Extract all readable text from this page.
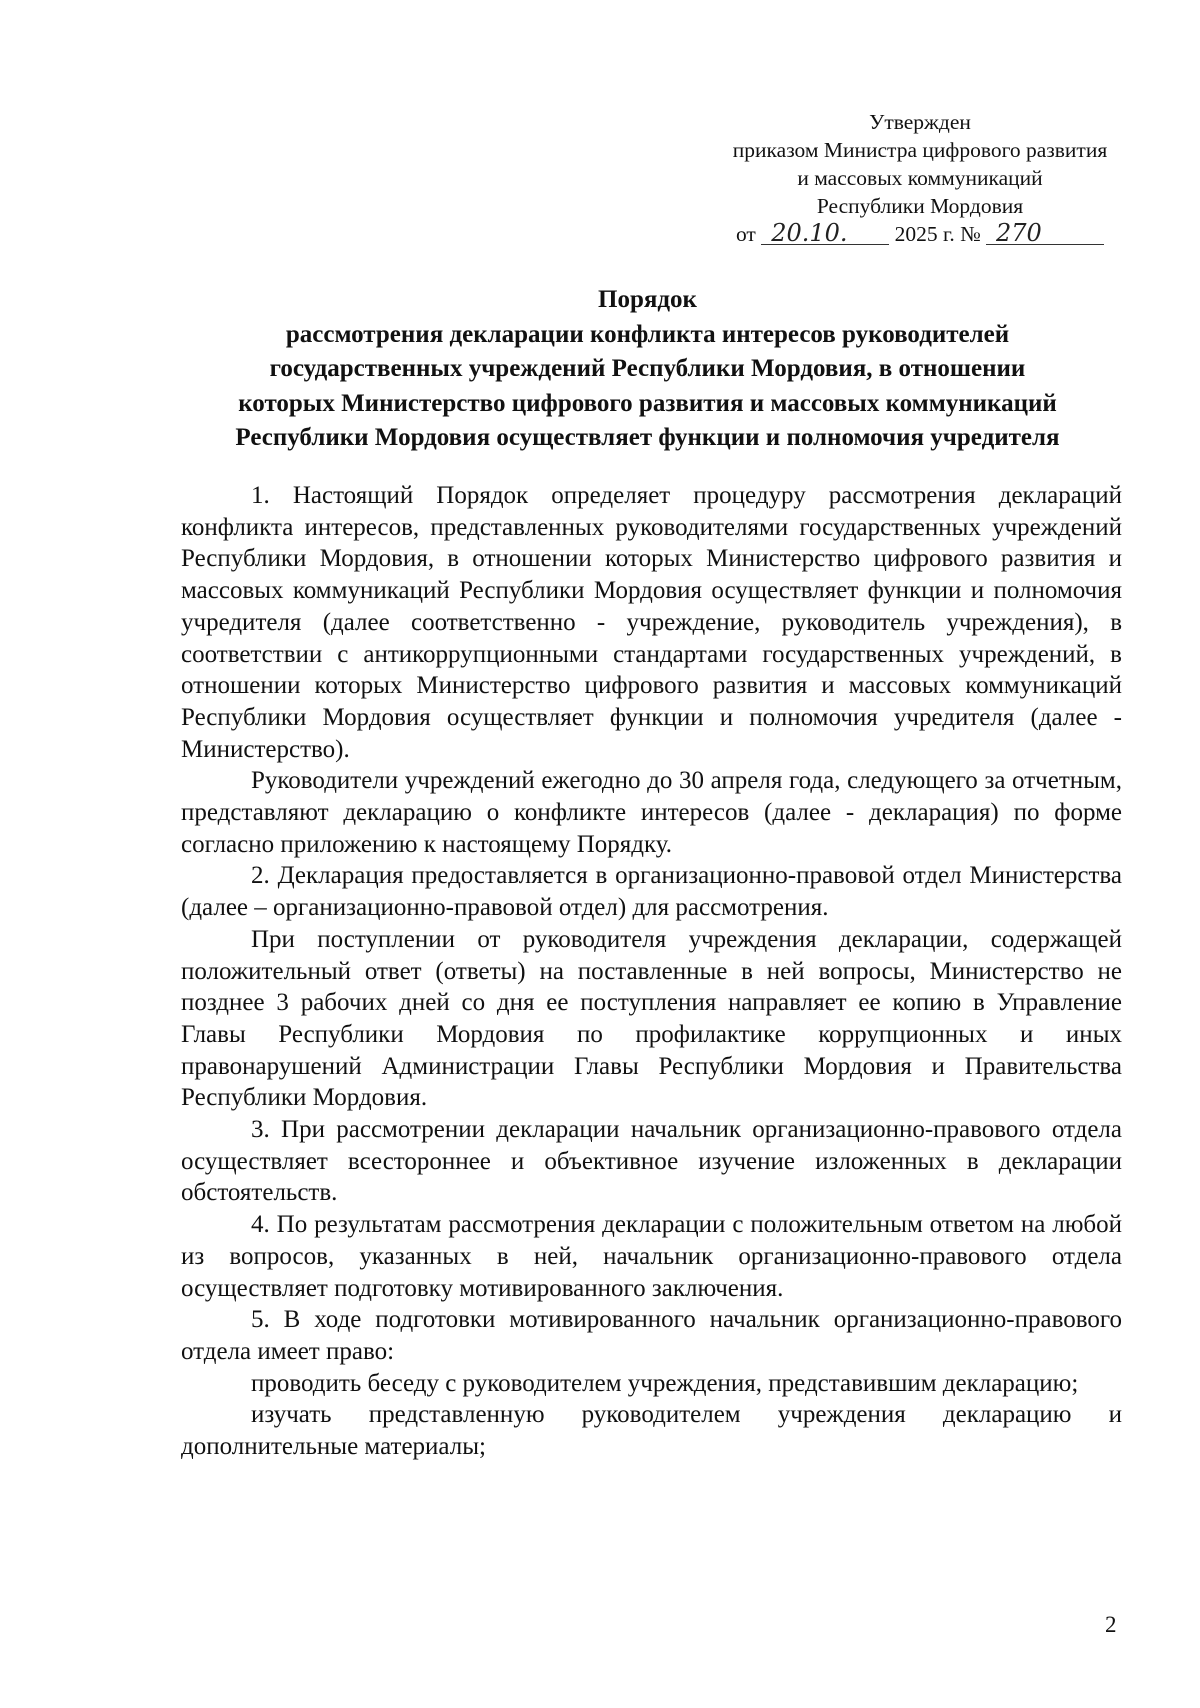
Утвержден
приказом Министра цифрового развития
и массовых коммуникаций
Республики Мордовия
от 20.10. 2025 г. № 270
Порядок
рассмотрения декларации конфликта интересов руководителей
государственных учреждений Республики Мордовия, в отношении
которых Министерство цифрового развития и массовых коммуникаций
Республики Мордовия осуществляет функции и полномочия учредителя

1. Настоящий Порядок определяет процедуру рассмотрения деклараций конфликта интересов, представленных руководителями государственных учреждений Республики Мордовия, в отношении которых Министерство цифрового развития и массовых коммуникаций Республики Мордовия осуществляет функции и полномочия учредителя (далее соответственно - учреждение, руководитель учреждения), в соответствии с антикоррупционными стандартами государственных учреждений, в отношении которых Министерство цифрового развития и массовых коммуникаций Республики Мордовия осуществляет функции и полномочия учредителя (далее - Министерство).

Руководители учреждений ежегодно до 30 апреля года, следующего за отчетным, представляют декларацию о конфликте интересов (далее - декларация) по форме согласно приложению к настоящему Порядку.

2. Декларация предоставляется в организационно-правовой отдел Министерства (далее – организационно-правовой отдел) для рассмотрения.

При поступлении от руководителя учреждения декларации, содержащей положительный ответ (ответы) на поставленные в ней вопросы, Министерство не позднее 3 рабочих дней со дня ее поступления направляет ее копию в Управление Главы Республики Мордовия по профилактике коррупционных и иных правонарушений Администрации Главы Республики Мордовия и Правительства Республики Мордовия.

3. При рассмотрении декларации начальник организационно-правового отдела осуществляет всестороннее и объективное изучение изложенных в декларации обстоятельств.

4. По результатам рассмотрения декларации с положительным ответом на любой из вопросов, указанных в ней, начальник организационно-правового отдела осуществляет подготовку мотивированного заключения.

5. В ходе подготовки мотивированного начальник организационно-правового отдела имеет право:

проводить беседу с руководителем учреждения, представившим декларацию;

изучать представленную руководителем учреждения декларацию и дополнительные материалы;

2
